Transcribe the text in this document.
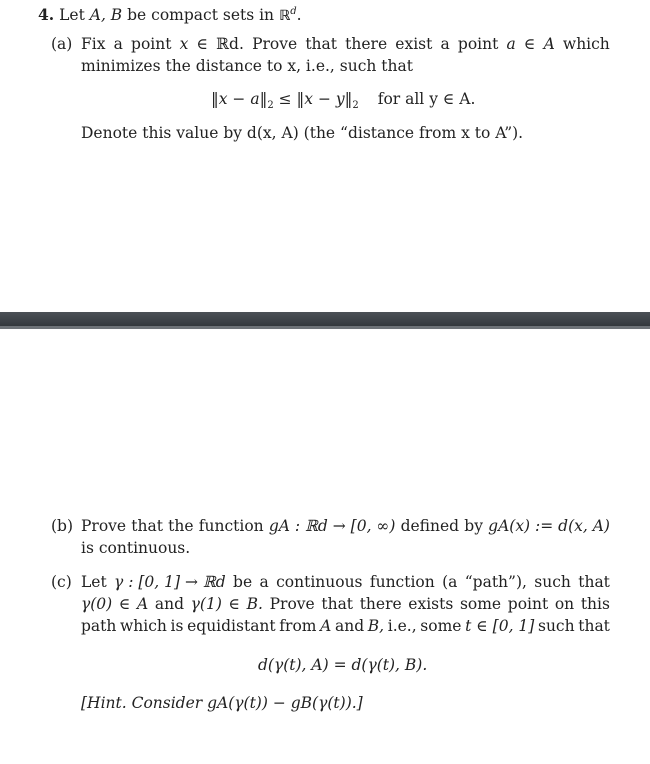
4. Let A, B be compact sets in ℝ$^d$.
(a) Fix a point x ∈ ℝd. Prove that there exist a point a ∈ A which
minimizes the distance to x, i.e., such that
‖x − $a‖_2$ ≤ ‖x − $y‖_2$ for all y ∈ A.
Denote this value by d(x, A) (the “distance from x to A”).
(b) Prove that the function gA : ℝd → [0, ∞) defined by gA(x) := d(x, A)
is continuous.
(c) Let γ : [0, 1] → ℝd be a continuous function (a “path”), such that
γ(0) ∈ A and γ(1) ∈ B. Prove that there exists some point on this
path which is equidistant from A and B, i.e., some t ∈ [0, 1] such that
d(γ(t), A) = d(γ(t), B).
[Hint. Consider gA(γ(t)) − gB(γ(t)).]
